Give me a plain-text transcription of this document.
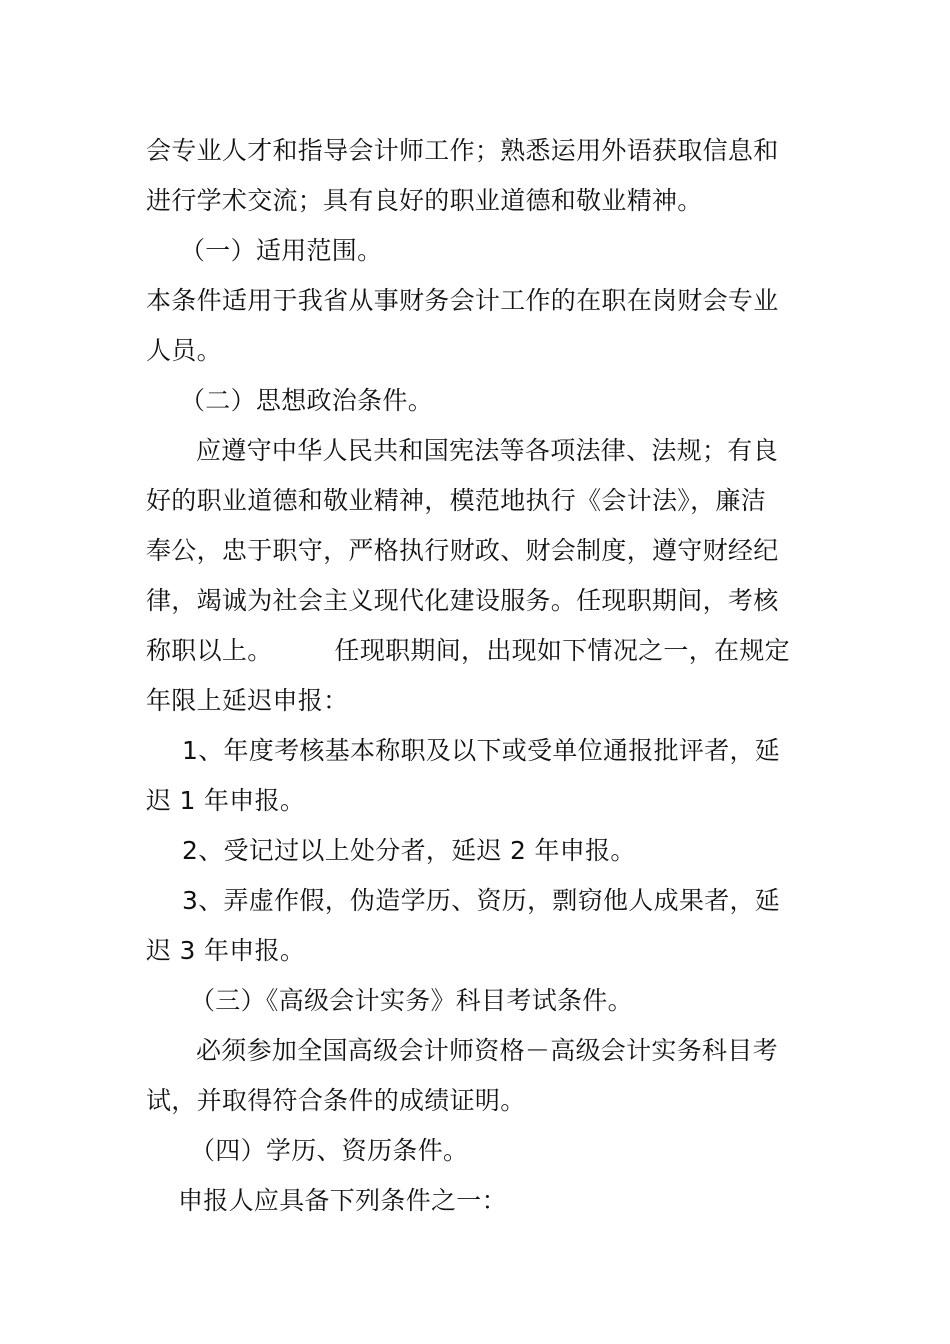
会专业人才和指导会计师工作；熟悉运用外语获取信息和
进行学术交流；具有良好的职业道德和敬业精神。
（一）适用范围。
本条件适用于我省从事财务会计工作的在职在岗财会专业
人员。
（二）思想政治条件。
应遵守中华人民共和国宪法等各项法律、法规；有良
好的职业道德和敬业精神，模范地执行《会计法》，廉洁
奉公，忠于职守，严格执行财政、财会制度，遵守财经纪
律，竭诚为社会主义现代化建设服务。任现职期间，考核
称职以上。 任现职期间，出现如下情况之一，在规定
年限上延迟申报：
1、年度考核基本称职及以下或受单位通报批评者，延
迟 1 年申报。
2、受记过以上处分者，延迟 2 年申报。
3、弄虚作假，伪造学历、资历，剽窃他人成果者，延
迟 3 年申报。
（三）《高级会计实务》科目考试条件。
必须参加全国高级会计师资格－高级会计实务科目考
试，并取得符合条件的成绩证明。
（四）学历、资历条件。
申报人应具备下列条件之一：
